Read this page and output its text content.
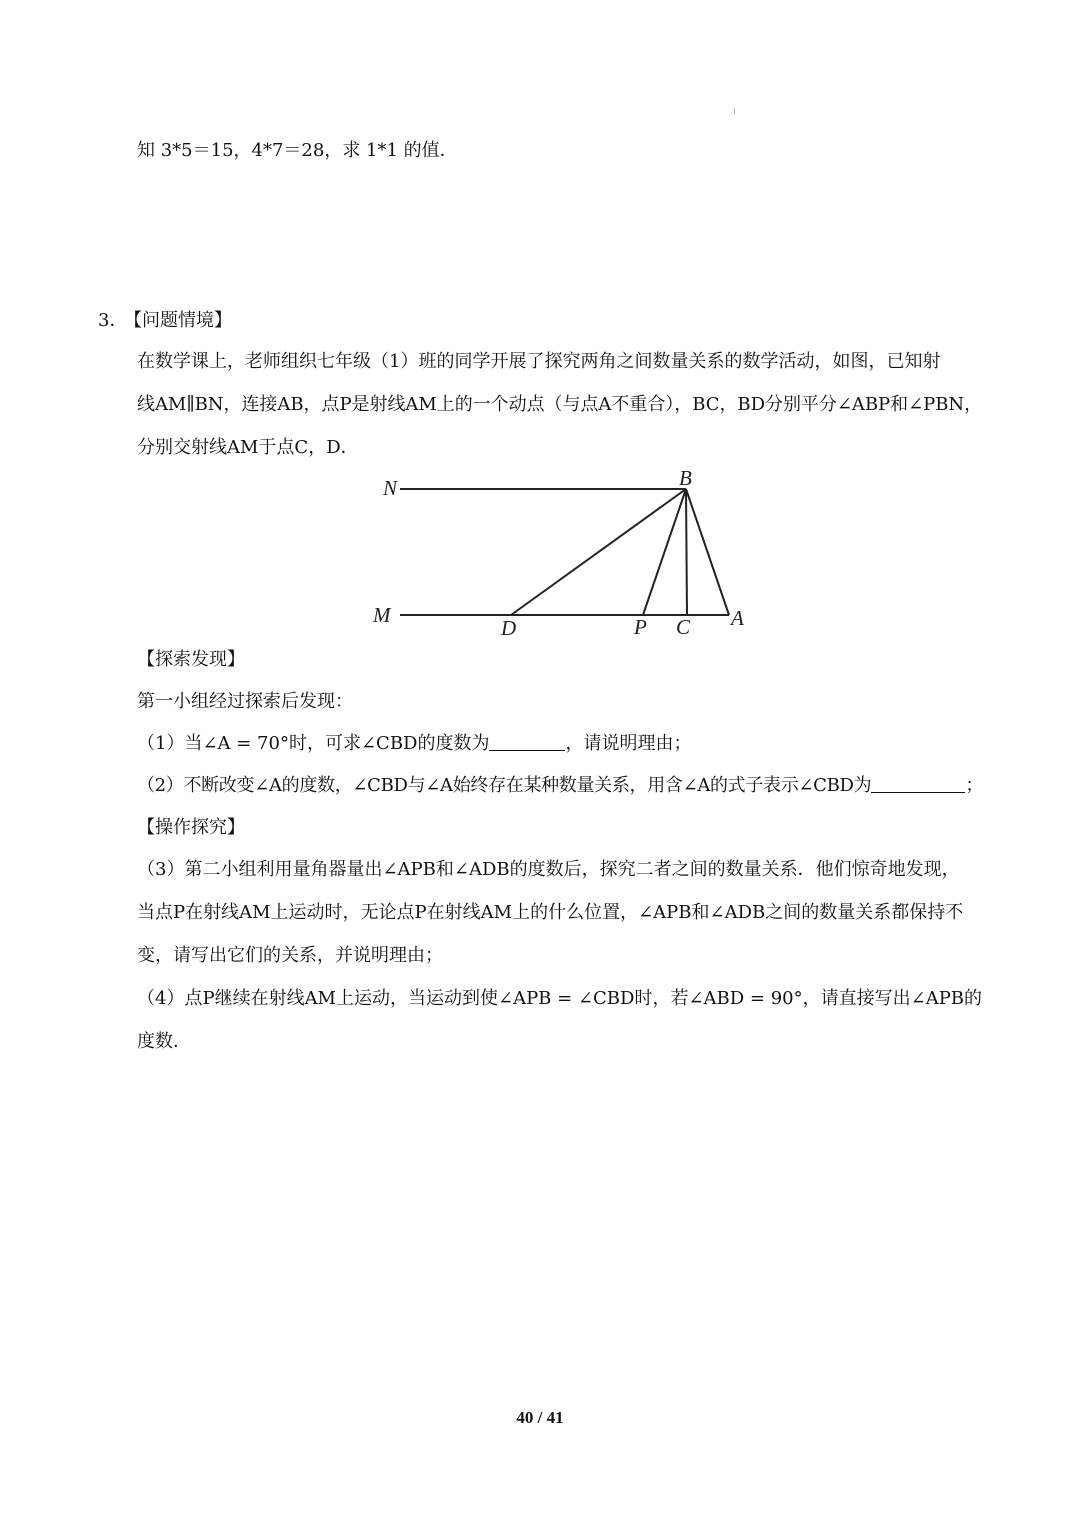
知 3*5＝15，4*7＝28，求 1*1 的值．
3．
【问题情境】
在数学课上，老师组织七年级（1）班的同学开展了探究两角之间数量关系的数学活动，如图，已知射
线AM∥BN，连接AB，点P是射线AM上的一个动点（与点A不重合），BC，BD分别平分∠ABP和∠PBN，
分别交射线AM于点C，D．
N	B
M
D	P C A
【探索发现】
第一小组经过探索后发现：
（1）当∠A = 70°时，可求∠CBD的度数为	，请说明理由；
（2）不断改变∠A的度数，∠CBD与∠A始终存在某种数量关系，用含∠A的式子表示∠CBD为	；
【操作探究】
（3）第二小组利用量角器量出∠APB和∠ADB的度数后，探究二者之间的数量关系．他们惊奇地发现，
当点P在射线AM上运动时，无论点P在射线AM上的什么位置，∠APB和∠ADB之间的数量关系都保持不
变，请写出它们的关系，并说明理由；
（4）点P继续在射线AM上运动，当运动到使∠APB = ∠CBD时，若∠ABD = 90°，请直接写出∠APB的
度数．
40 / 41
